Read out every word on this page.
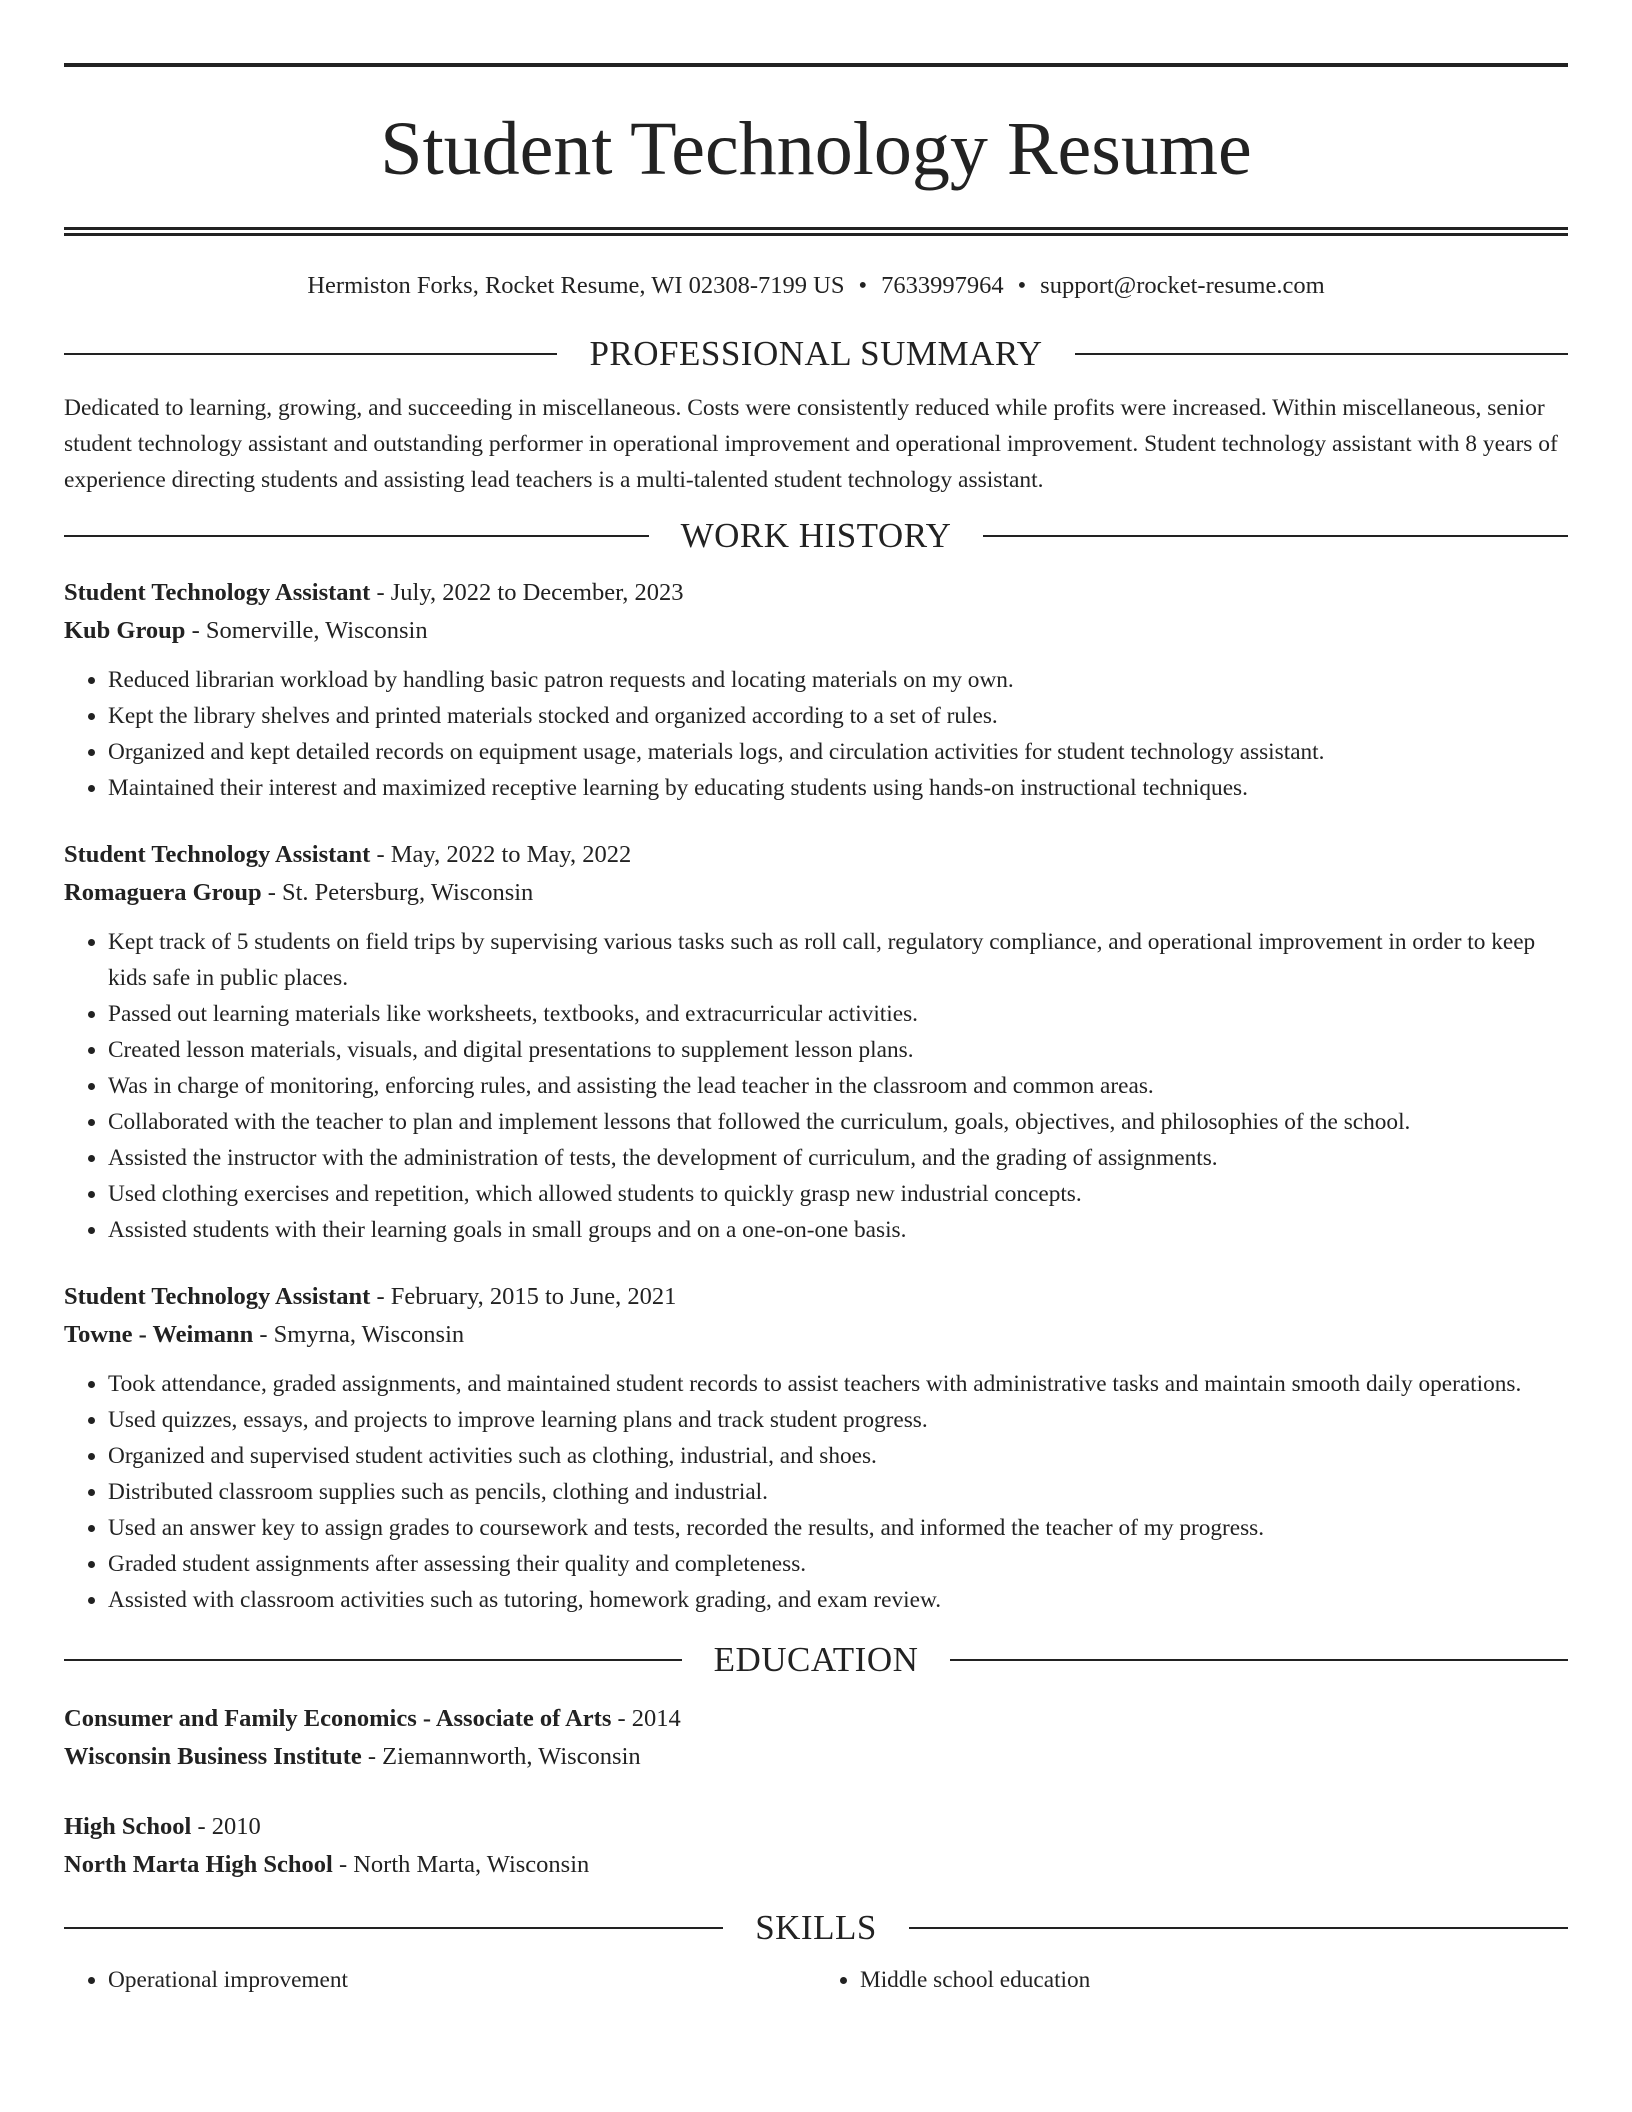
Student Technology Resume
Hermiston Forks, Rocket Resume, WI 02308-7199 US • 7633997964 • support@rocket-resume.com
PROFESSIONAL SUMMARY
Dedicated to learning, growing, and succeeding in miscellaneous. Costs were consistently reduced while profits were increased. Within miscellaneous, senior student technology assistant and outstanding performer in operational improvement and operational improvement. Student technology assistant with 8 years of experience directing students and assisting lead teachers is a multi-talented student technology assistant.
WORK HISTORY
Student Technology Assistant - July, 2022 to December, 2023
Kub Group - Somerville, Wisconsin
• Reduced librarian workload by handling basic patron requests and locating materials on my own.
• Kept the library shelves and printed materials stocked and organized according to a set of rules.
• Organized and kept detailed records on equipment usage, materials logs, and circulation activities for student technology assistant.
• Maintained their interest and maximized receptive learning by educating students using hands-on instructional techniques.
Student Technology Assistant - May, 2022 to May, 2022
Romaguera Group - St. Petersburg, Wisconsin
• Kept track of 5 students on field trips by supervising various tasks such as roll call, regulatory compliance, and operational improvement in order to keep kids safe in public places.
• Passed out learning materials like worksheets, textbooks, and extracurricular activities.
• Created lesson materials, visuals, and digital presentations to supplement lesson plans.
• Was in charge of monitoring, enforcing rules, and assisting the lead teacher in the classroom and common areas.
• Collaborated with the teacher to plan and implement lessons that followed the curriculum, goals, objectives, and philosophies of the school.
• Assisted the instructor with the administration of tests, the development of curriculum, and the grading of assignments.
• Used clothing exercises and repetition, which allowed students to quickly grasp new industrial concepts.
• Assisted students with their learning goals in small groups and on a one-on-one basis.
Student Technology Assistant - February, 2015 to June, 2021
Towne - Weimann - Smyrna, Wisconsin
• Took attendance, graded assignments, and maintained student records to assist teachers with administrative tasks and maintain smooth daily operations.
• Used quizzes, essays, and projects to improve learning plans and track student progress.
• Organized and supervised student activities such as clothing, industrial, and shoes.
• Distributed classroom supplies such as pencils, clothing and industrial.
• Used an answer key to assign grades to coursework and tests, recorded the results, and informed the teacher of my progress.
• Graded student assignments after assessing their quality and completeness.
• Assisted with classroom activities such as tutoring, homework grading, and exam review.
EDUCATION
Consumer and Family Economics - Associate of Arts - 2014
Wisconsin Business Institute - Ziemannworth, Wisconsin
High School - 2010
North Marta High School - North Marta, Wisconsin
SKILLS
• Operational improvement
•	Middle school education
